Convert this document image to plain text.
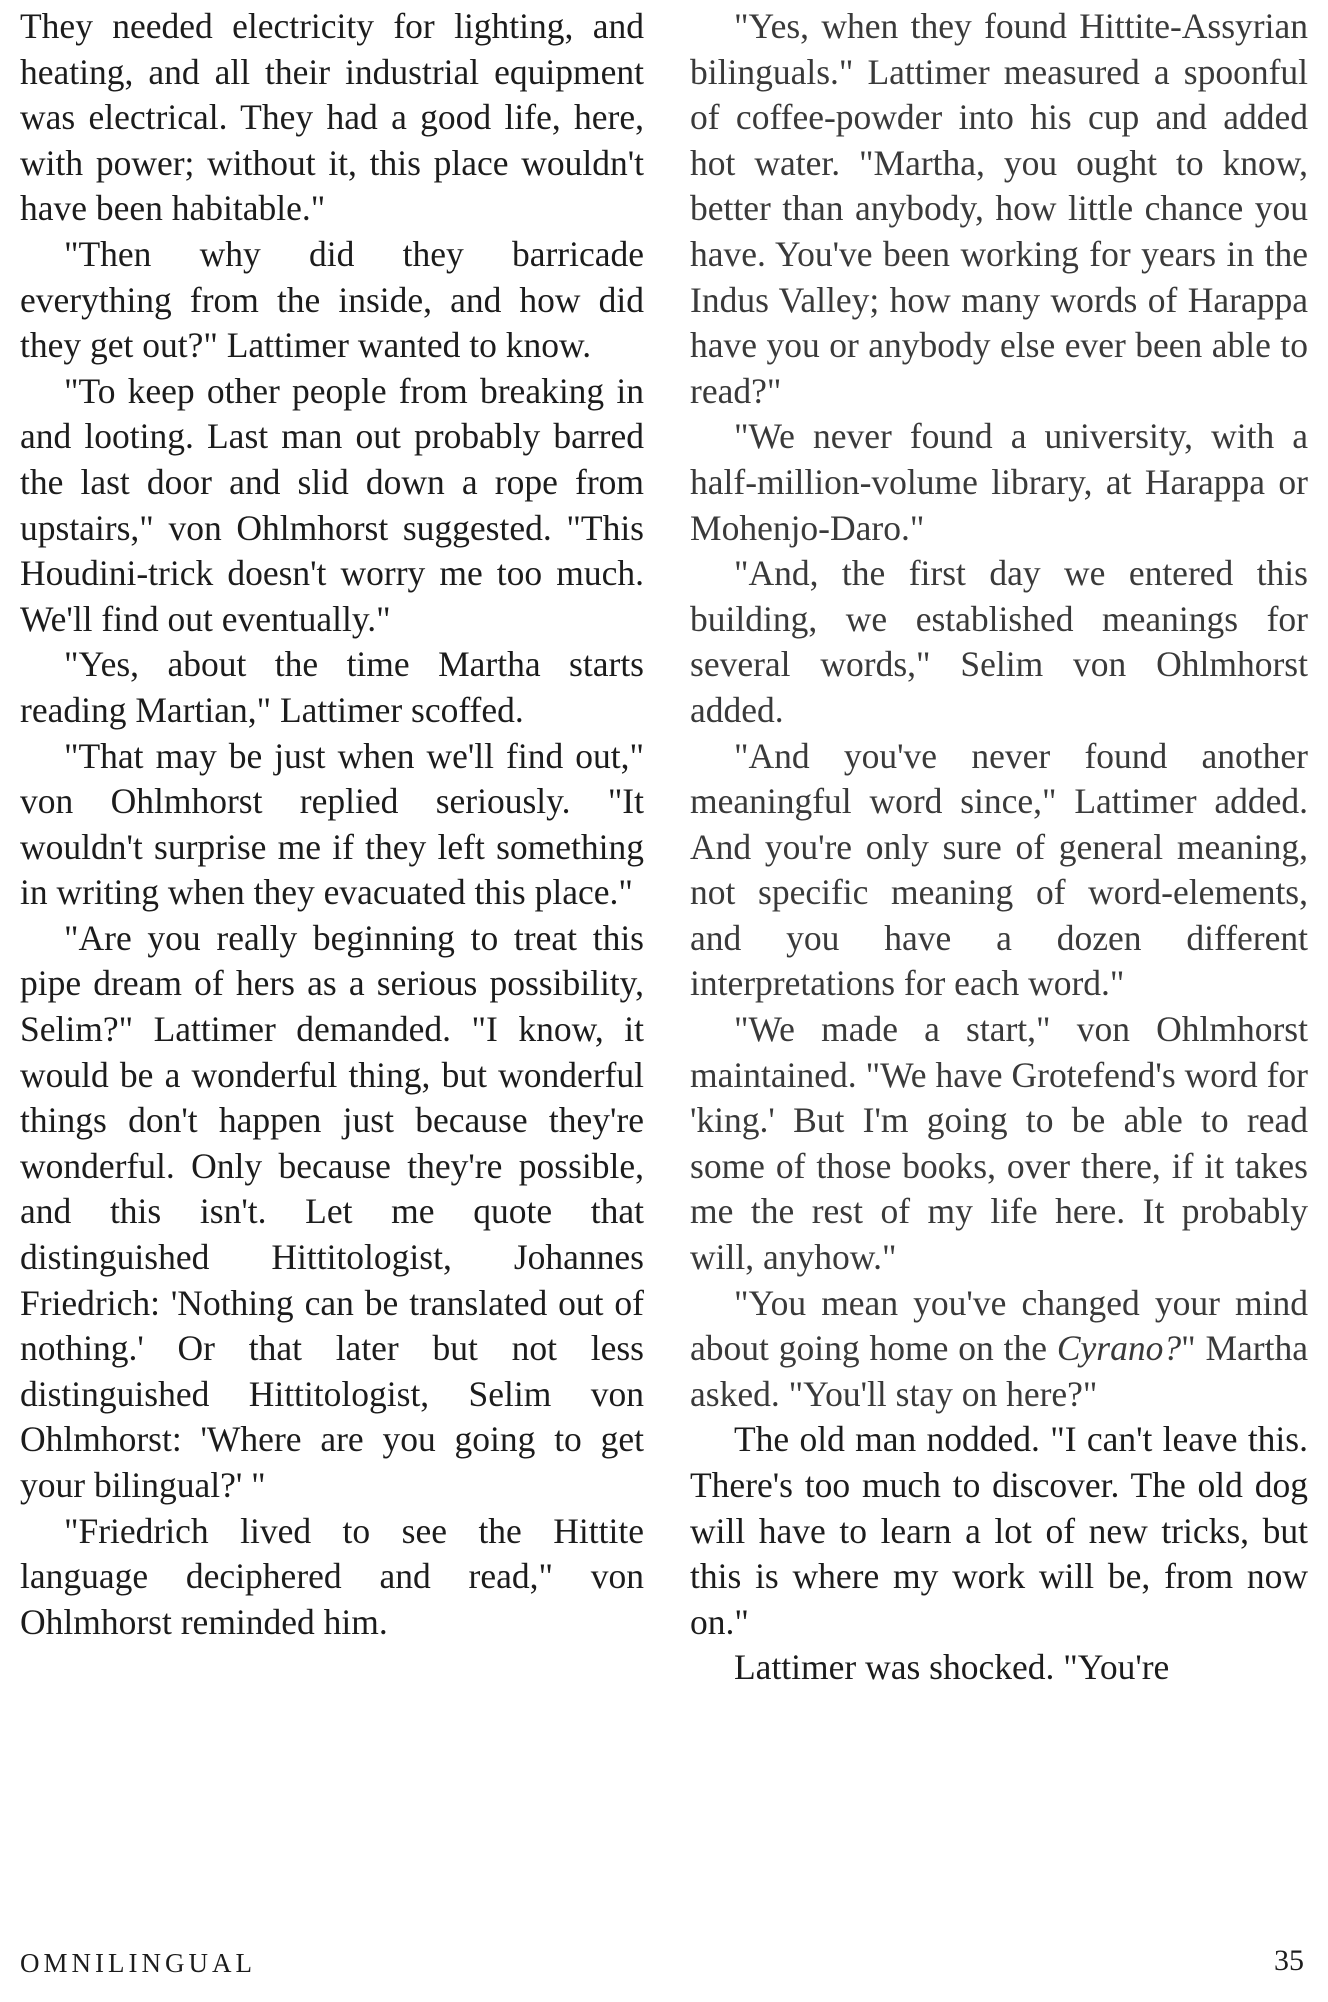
They needed electricity for lighting, and heating, and all their industrial equipment was electrical. They had a good life, here, with power; without it, this place wouldn't have been habitable."

"Then why did they barricade everything from the inside, and how did they get out?" Lattimer wanted to know.

"To keep other people from breaking in and looting. Last man out probably barred the last door and slid down a rope from upstairs," von Ohlmhorst suggested. "This Houdini-trick doesn't worry me too much. We'll find out eventually."

"Yes, about the time Martha starts reading Martian," Lattimer scoffed.

"That may be just when we'll find out," von Ohlmhorst replied seriously. "It wouldn't surprise me if they left something in writing when they evacuated this place."

"Are you really beginning to treat this pipe dream of hers as a serious possibility, Selim?" Lattimer demanded. "I know, it would be a wonderful thing, but wonderful things don't happen just because they're wonderful. Only because they're possible, and this isn't. Let me quote that distinguished Hittitologist, Johannes Friedrich: 'Nothing can be translated out of nothing.' Or that later but not less distinguished Hittitologist, Selim von Ohlmhorst: 'Where are you going to get your bilingual?' "

"Friedrich lived to see the Hittite language deciphered and read," von Ohlmhorst reminded him.

"Yes, when they found Hittite-Assyrian bilinguals." Lattimer measured a spoonful of coffee-powder into his cup and added hot water. "Martha, you ought to know, better than anybody, how little chance you have. You've been working for years in the Indus Valley; how many words of Harappa have you or anybody else ever been able to read?"

"We never found a university, with a half-million-volume library, at Harappa or Mohenjo-Daro."

"And, the first day we entered this building, we established meanings for several words," Selim von Ohlmhorst added.

"And you've never found another meaningful word since," Lattimer added. And you're only sure of general meaning, not specific meaning of word-elements, and you have a dozen different interpretations for each word."

"We made a start," von Ohlmhorst maintained. "We have Grotefend's word for 'king.' But I'm going to be able to read some of those books, over there, if it takes me the rest of my life here. It probably will, anyhow."

"You mean you've changed your mind about going home on the Cyrano?" Martha asked. "You'll stay on here?"

The old man nodded. "I can't leave this. There's too much to discover. The old dog will have to learn a lot of new tricks, but this is where my work will be, from now on."

Lattimer was shocked. "You're

OMNILINGUAL	35
